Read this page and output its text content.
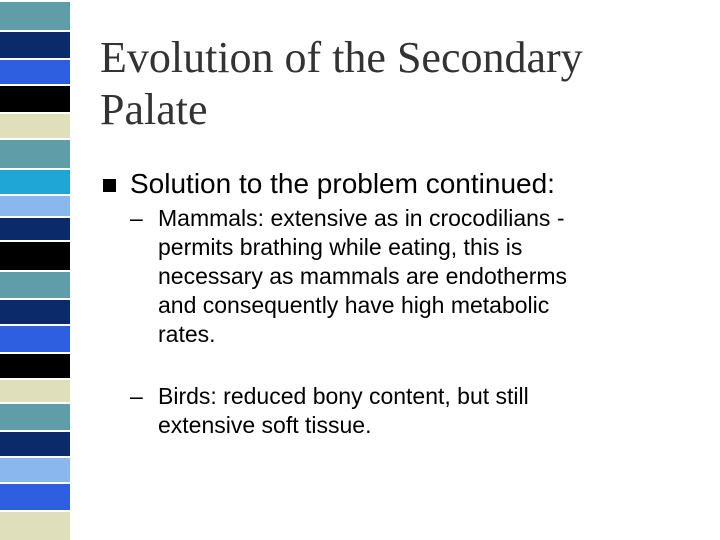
Evolution of the Secondary Palate
Solution to the problem continued:
– Mammals: extensive as in crocodilians -
permits brathing while eating, this is
necessary as mammals are endotherms
and consequently have high metabolic
rates.
– Birds: reduced bony content, but still
extensive soft tissue.
